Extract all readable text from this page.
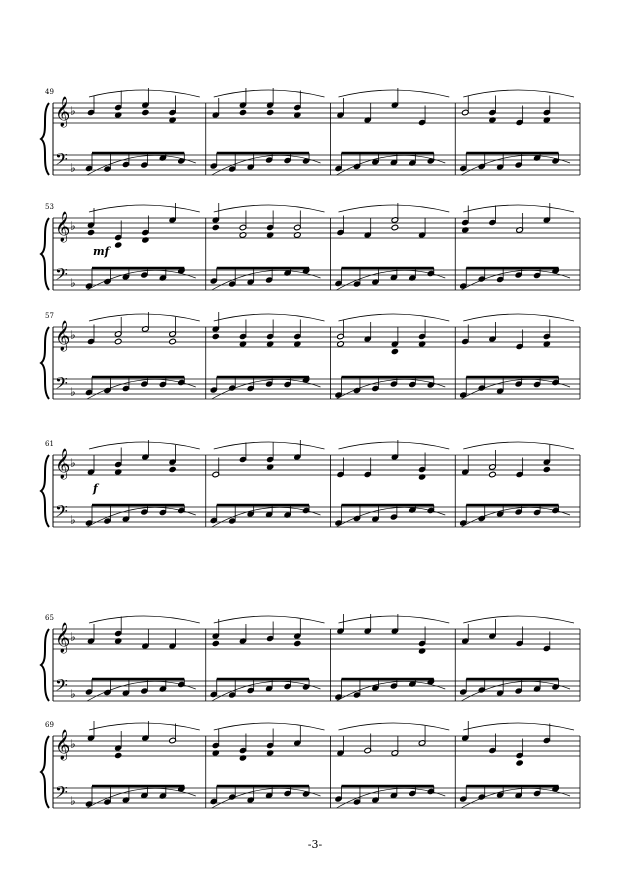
𝄞
𝄢
♭
♭
49
𝄞
𝄢
♭
♭
53
mf
𝄞
𝄢
♭
♭
57
𝄞
𝄢
♭
♭
61
f
𝄞
𝄢
♭
♭
65
𝄞
𝄢
♭
♭
69
-3-
